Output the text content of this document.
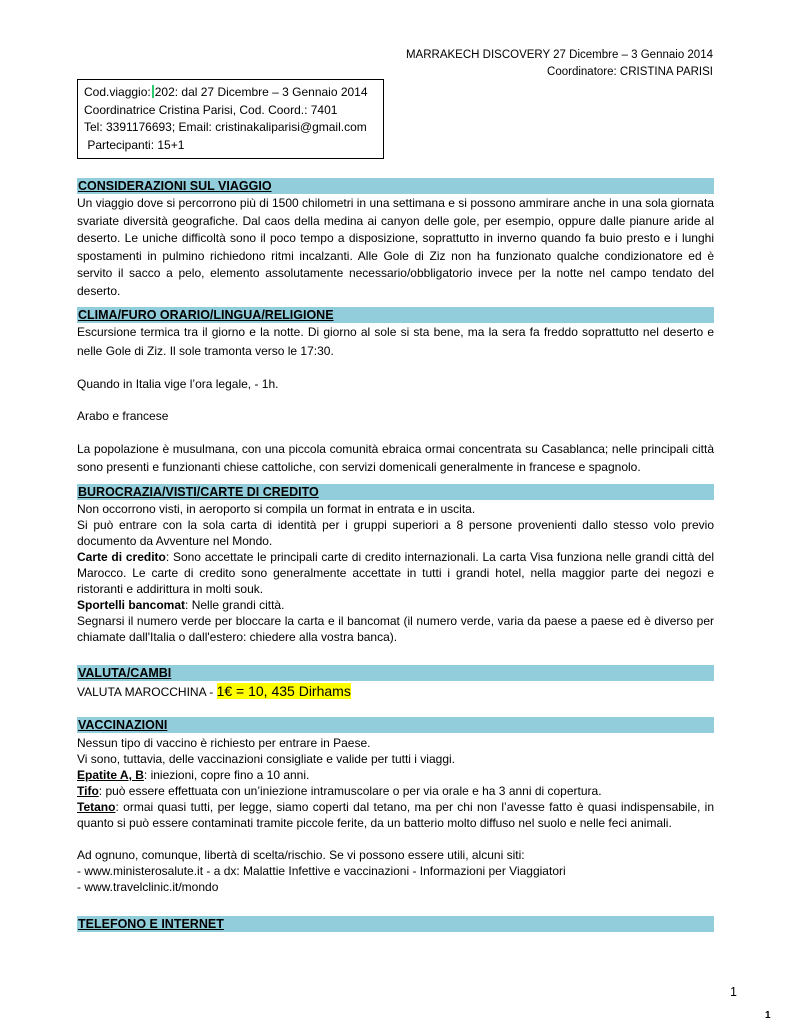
MARRAKECH DISCOVERY 27 Dicembre – 3 Gennaio 2014
Coordinatore: CRISTINA PARISI
Cod.viaggio: 202: dal 27 Dicembre – 3 Gennaio 2014
Coordinatrice Cristina Parisi, Cod. Coord.: 7401
Tel: 3391176693; Email: cristinakaliparisi@gmail.com
Partecipanti: 15+1
CONSIDERAZIONI SUL VIAGGIO
Un viaggio dove si percorrono più di 1500 chilometri in una settimana e si possono ammirare anche in una sola giornata svariate diversità geografiche. Dal caos della medina ai canyon delle gole, per esempio, oppure dalle pianure aride al deserto. Le uniche difficoltà sono il poco tempo a disposizione, soprattutto in inverno quando fa buio presto e i lunghi spostamenti in pulmino richiedono ritmi incalzanti. Alle Gole di Ziz non ha funzionato qualche condizionatore ed è servito il sacco a pelo, elemento assolutamente necessario/obbligatorio invece per la notte nel campo tendato del deserto.
CLIMA/FURO ORARIO/LINGUA/RELIGIONE
Escursione termica tra il giorno e la notte. Di giorno al sole si sta bene, ma la sera fa freddo soprattutto nel deserto e nelle Gole di Ziz. Il sole tramonta verso le 17:30.
Quando in Italia vige l’ora legale, - 1h.
Arabo e francese
La popolazione è musulmana, con una piccola comunità ebraica ormai concentrata su Casablanca; nelle principali città sono presenti e funzionanti chiese cattoliche, con servizi domenicali generalmente in francese e spagnolo.
BUROCRAZIA/VISTI/CARTE DI CREDITO
Non occorrono visti, in aeroporto si compila un format in entrata e in uscita.
Si può entrare con la sola carta di identità per i gruppi superiori a 8 persone provenienti dallo stesso volo previo documento da Avventure nel Mondo.
Carte di credito: Sono accettate le principali carte di credito internazionali. La carta Visa funziona nelle grandi città del Marocco. Le carte di credito sono generalmente accettate in tutti i grandi hotel, nella maggior parte dei negozi e ristoranti e addirittura in molti souk.
Sportelli bancomat: Nelle grandi città.
Segnarsi il numero verde per bloccare la carta e il bancomat (il numero verde, varia da paese a paese ed è diverso per chiamate dall'Italia o dall'estero: chiedere alla vostra banca).
VALUTA/CAMBI
VALUTA MAROCCHINA - 1€ = 10, 435 Dirhams
VACCINAZIONI
Nessun tipo di vaccino è richiesto per entrare in Paese.
Vi sono, tuttavia, delle vaccinazioni consigliate e valide per tutti i viaggi.
Epatite A, B: iniezioni, copre fino a 10 anni.
Tifo: può essere effettuata con un’iniezione intramuscolare o per via orale e ha 3 anni di copertura.
Tetano: ormai quasi tutti, per legge, siamo coperti dal tetano, ma per chi non l’avesse fatto è quasi indispensabile, in quanto si può essere contaminati tramite piccole ferite, da un batterio molto diffuso nel suolo e nelle feci animali.
Ad ognuno, comunque, libertà di scelta/rischio. Se vi possono essere utili, alcuni siti:
- www.ministerosalute.it - a dx: Malattie Infettive e vaccinazioni - Informazioni per Viaggiatori
- www.travelclinic.it/mondo
TELEFONO E INTERNET
1
1
